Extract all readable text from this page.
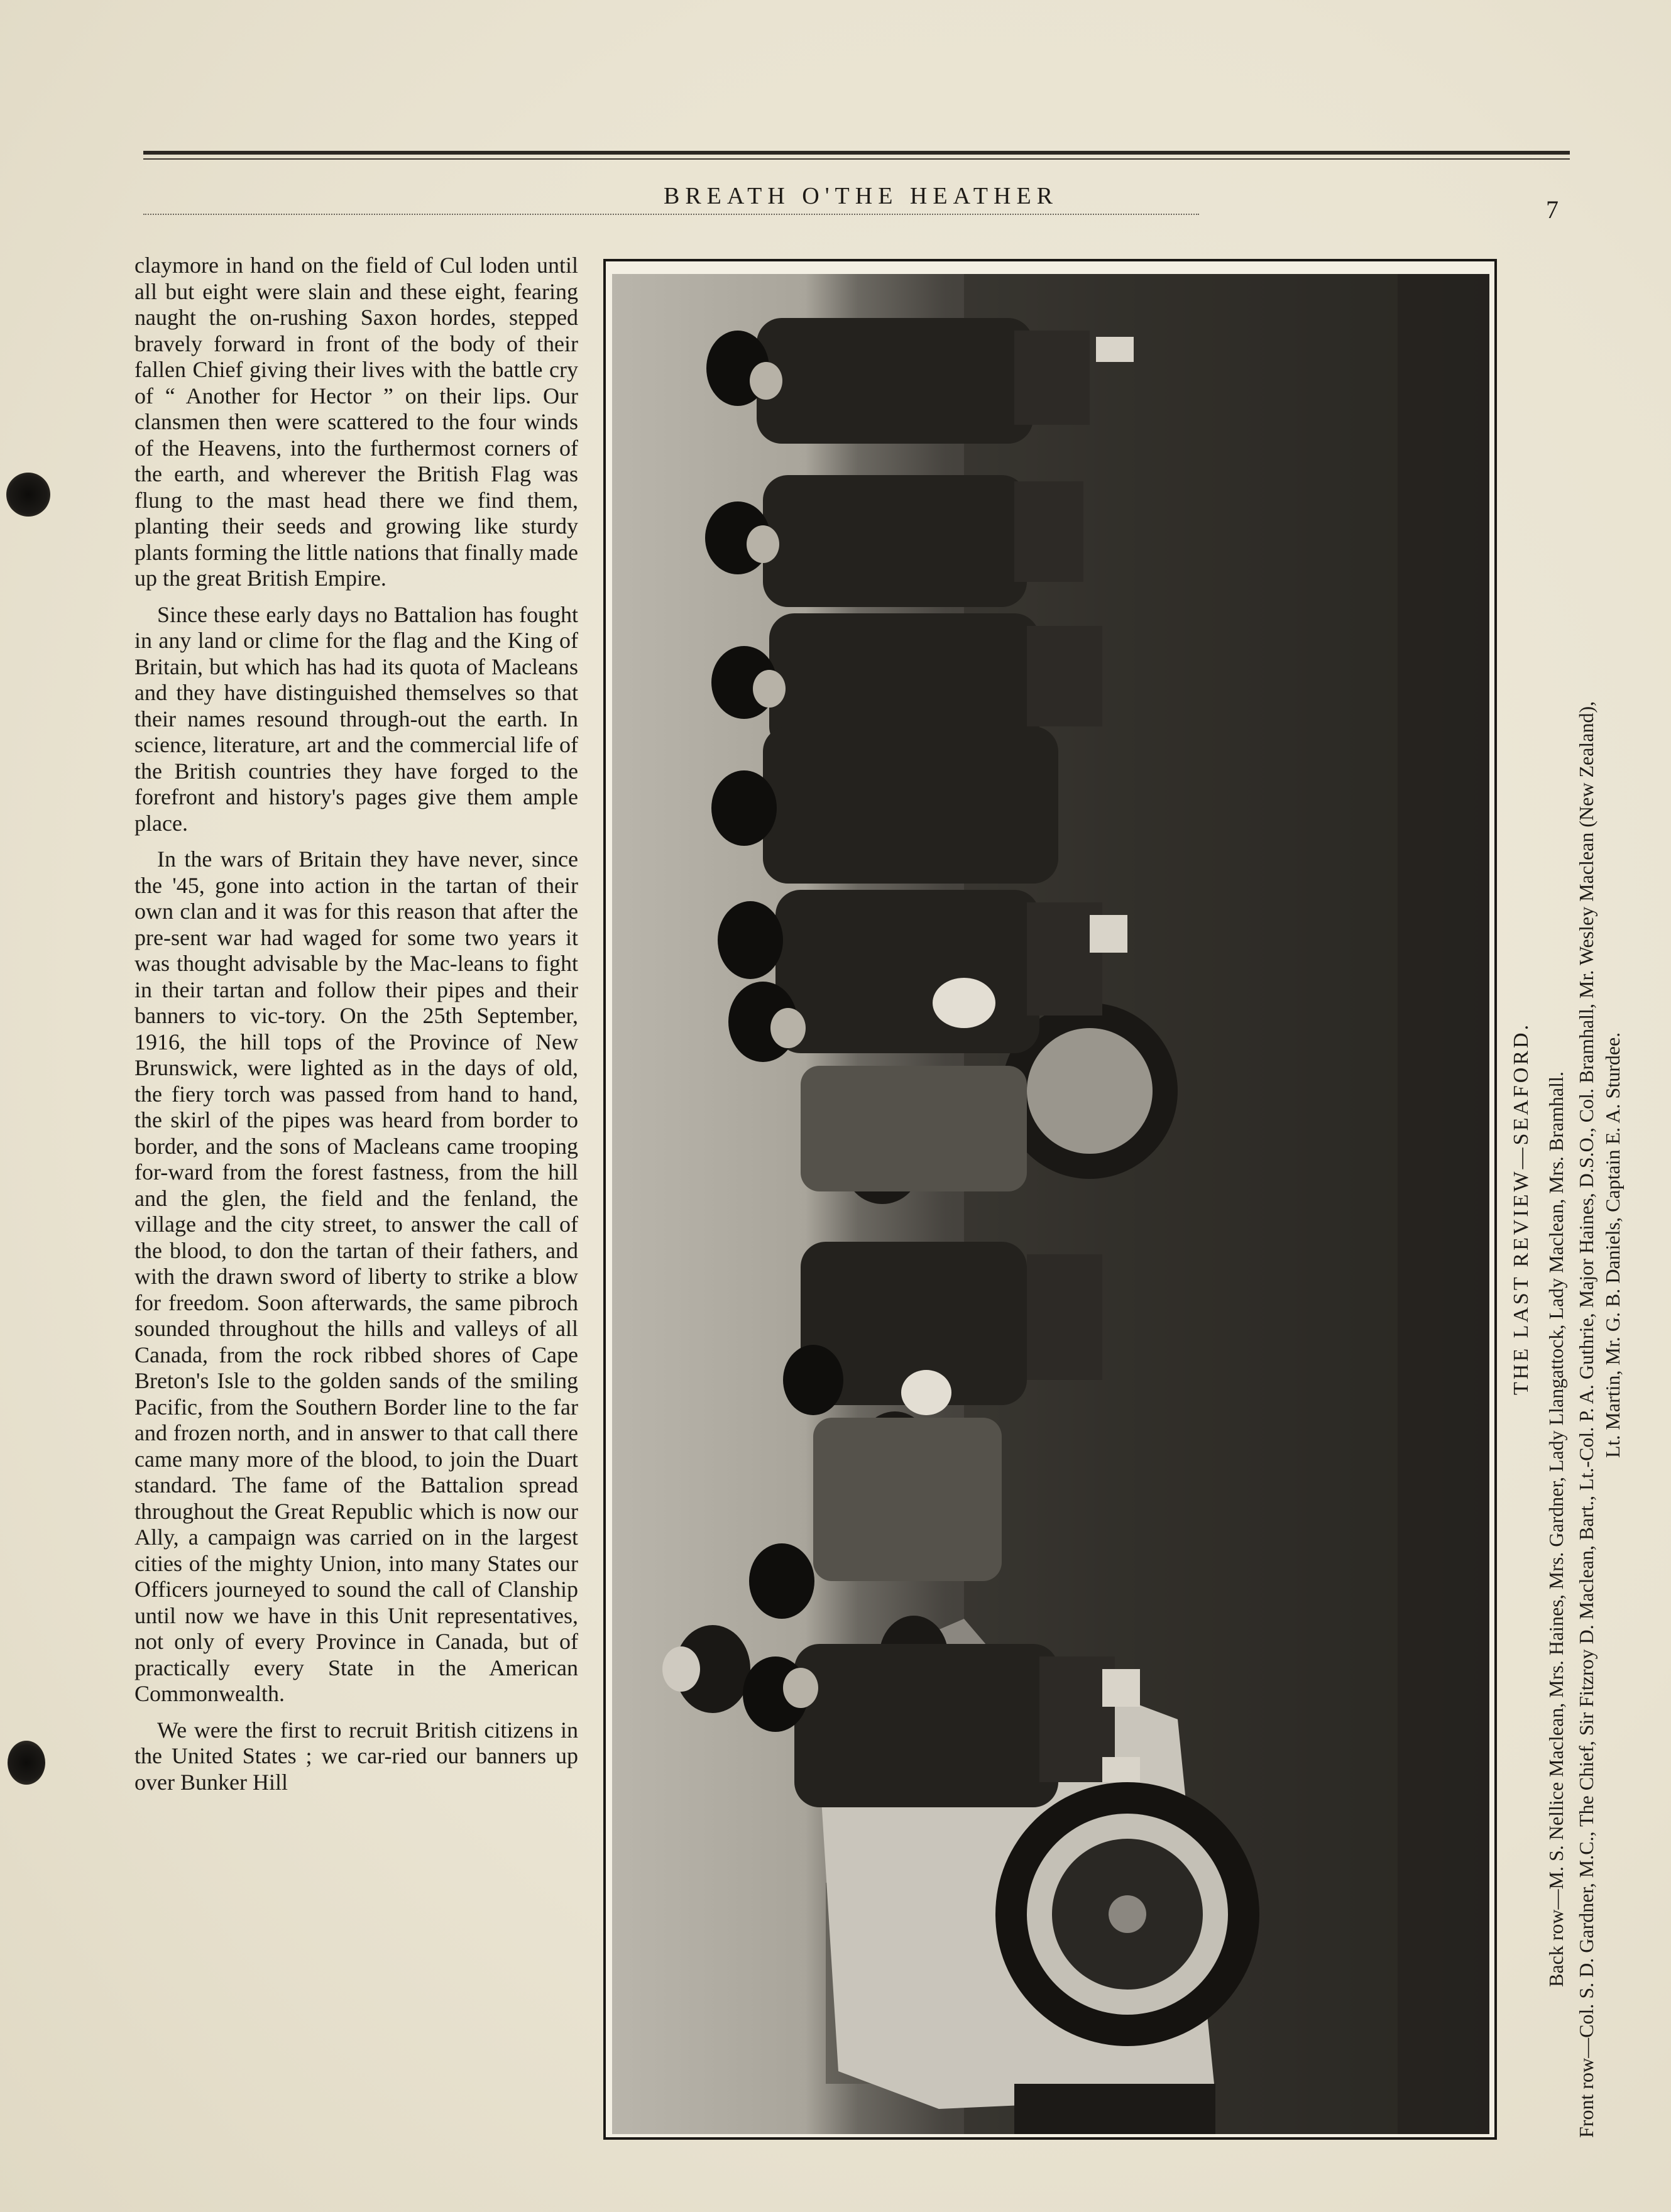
BREATH O'THE HEATHER	7

claymore in hand on the field of Cul loden until all but eight were slain and these eight, fearing naught the on-rushing Saxon hordes, stepped bravely forward in front of the body of their fallen Chief giving their lives with the battle cry of “ Another for Hector ” on their lips. Our clansmen then were scattered to the four winds of the Heavens, into the furthermost corners of the earth, and wherever the British Flag was flung to the mast head there we find them, planting their seeds and growing like sturdy plants forming the little nations that finally made up the great British Empire.

Since these early days no Battalion has fought in any land or clime for the flag and the King of Britain, but which has had its quota of Macleans and they have distinguished themselves so that their names resound through-out the earth. In science, literature, art and the commercial life of the British countries they have forged to the forefront and history's pages give them ample place.

In the wars of Britain they have never, since the '45, gone into action in the tartan of their own clan and it was for this reason that after the pre-sent war had waged for some two years it was thought advisable by the Mac-leans to fight in their tartan and follow their pipes and their banners to vic-tory. On the 25th September, 1916, the hill tops of the Province of New Brunswick, were lighted as in the days of old, the fiery torch was passed from hand to hand, the skirl of the pipes was heard from border to border, and the sons of Macleans came trooping for-ward from the forest fastness, from the hill and the glen, the field and the fenland, the village and the city street, to answer the call of the blood, to don the tartan of their fathers, and with the drawn sword of liberty to strike a blow for freedom. Soon afterwards, the same pibroch sounded throughout the hills and valleys of all Canada, from the rock ribbed shores of Cape Breton's Isle to the golden sands of the smiling Pacific, from the Southern Border line to the far and frozen north, and in answer to that call there came many more of the blood, to join the Duart standard. The fame of the Battalion spread throughout the Great Republic which is now our Ally, a campaign was carried on in the largest cities of the mighty Union, into many States our Officers journeyed to sound the call of Clanship until now we have in this Unit representatives, not only of every Province in Canada, but of practically every State in the American Commonwealth.

We were the first to recruit British citizens in the United States ; we car-ried our banners up over Bunker Hill

THE LAST REVIEW—SEAFORD. Back row—M. S. Nellice Maclean, Mrs. Haines, Mrs. Gardner, Lady Llangattock, Lady Maclean, Mrs. Bramhall. Front row—Col. S. D. Gardner, M.C., The Chief, Sir Fitzroy D. Maclean, Bart., Lt.-Col. P. A. Guthrie, Major Haines, D.S.O., Col. Bramhall, Mr. Wesley Maclean (New Zealand), Lt. Martin, Mr. G. B. Daniels, Captain E. A. Sturdee.
